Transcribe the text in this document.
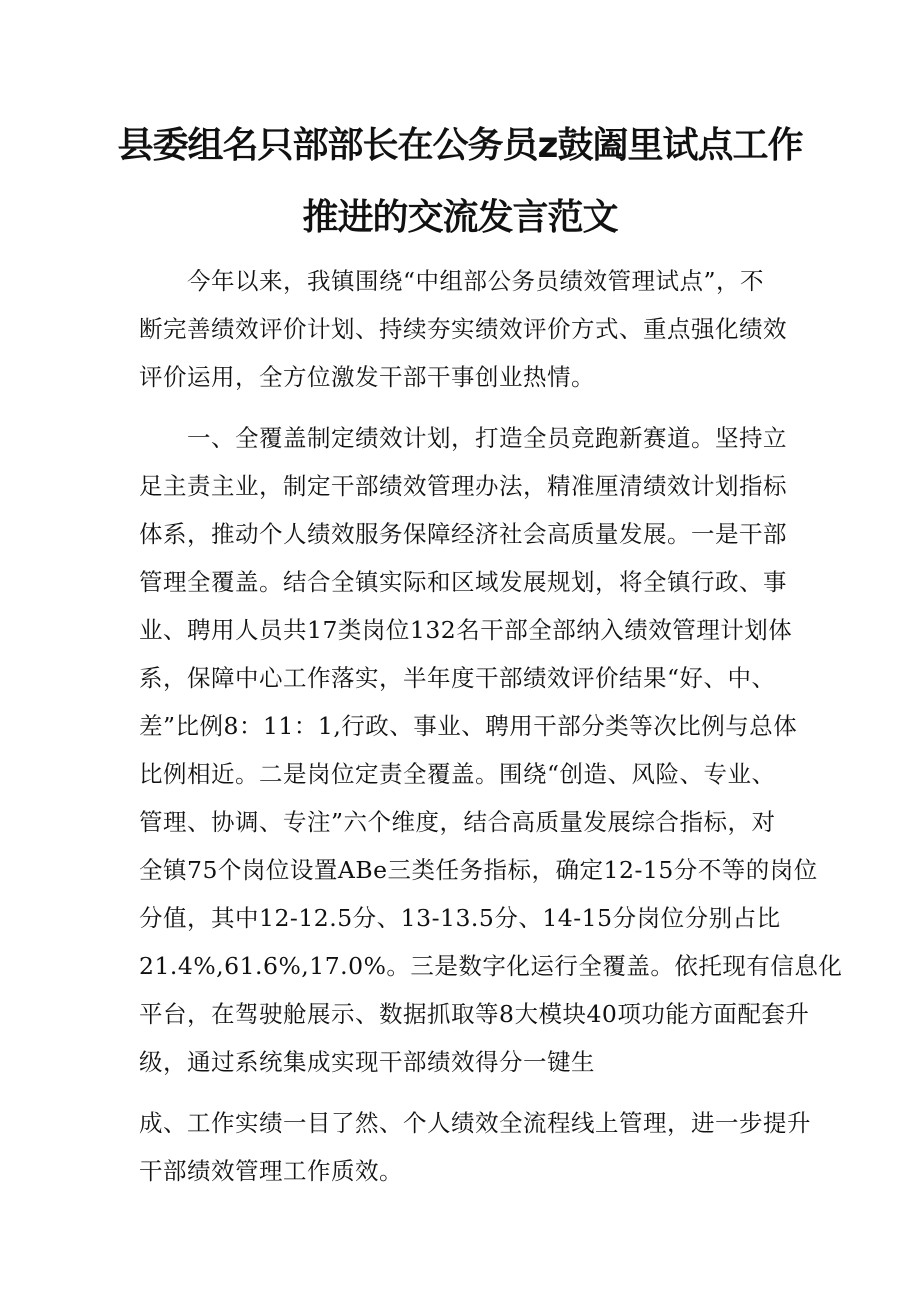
县委组名只部部长在公务员z鼓阖里试点工作
推进的交流发言范文
　　今年以来，我镇围绕“中组部公务员绩效管理试点”，不
断完善绩效评价计划、持续夯实绩效评价方式、重点强化绩效
评价运用，全方位激发干部干事创业热情。
　　一、全覆盖制定绩效计划，打造全员竞跑新赛道。坚持立
足主责主业，制定干部绩效管理办法，精准厘清绩效计划指标
体系，推动个人绩效服务保障经济社会高质量发展。一是干部
管理全覆盖。结合全镇实际和区域发展规划，将全镇行政、事
业、聘用人员共17类岗位132名干部全部纳入绩效管理计划体
系，保障中心工作落实，半年度干部绩效评价结果“好、中、
差”比例8：11：1,行政、事业、聘用干部分类等次比例与总体
比例相近。二是岗位定责全覆盖。围绕“创造、风险、专业、
管理、协调、专注”六个维度，结合高质量发展综合指标，对
全镇75个岗位设置ABe三类任务指标，确定12-15分不等的岗位
分值，其中12-12.5分、13-13.5分、14-15分岗位分别占比
21.4%,61.6%,17.0%。三是数字化运行全覆盖。依托现有信息化
平台，在驾驶舱展示、数据抓取等8大模块40项功能方面配套升
级，通过系统集成实现干部绩效得分一键生
成、工作实绩一目了然、个人绩效全流程线上管理，进一步提升
干部绩效管理工作质效。
